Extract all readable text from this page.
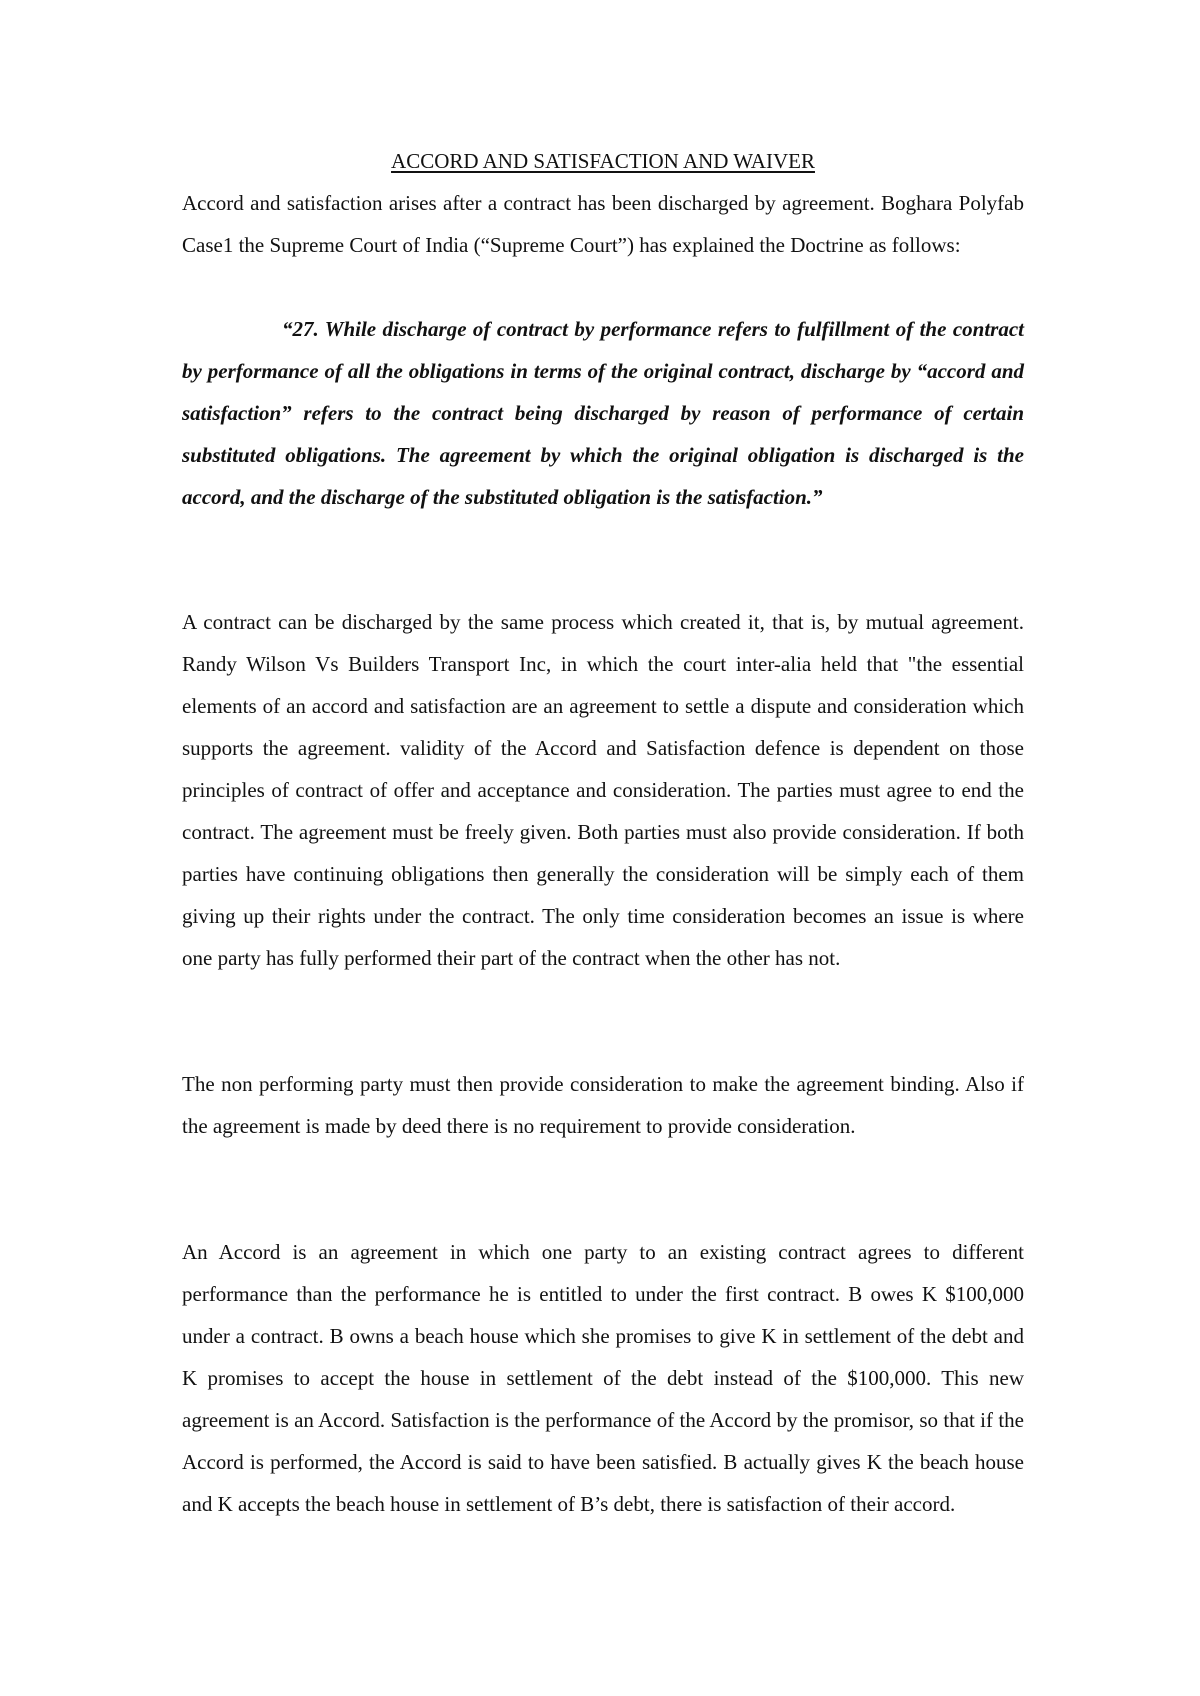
ACCORD AND SATISFACTION AND WAIVER

Accord and satisfaction arises after a contract has been discharged by agreement. Boghara Polyfab Case1 the Supreme Court of India (“Supreme Court”) has explained the Doctrine as follows:

“27. While discharge of contract by performance refers to fulfillment of the contract by performance of all the obligations in terms of the original contract, discharge by “accord and satisfaction” refers to the contract being discharged by reason of performance of certain substituted obligations. The agreement by which the original obligation is discharged is the accord, and the discharge of the substituted obligation is the satisfaction.”

A contract can be discharged by the same process which created it, that is, by mutual agreement. Randy Wilson Vs Builders Transport Inc, in which the court inter-alia held that "the essential elements of an accord and satisfaction are an agreement to settle a dispute and consideration which supports the agreement. validity of the Accord and Satisfaction defence is dependent on those principles of contract of offer and acceptance and consideration. The parties must agree to end the contract. The agreement must be freely given. Both parties must also provide consideration. If both parties have continuing obligations then generally the consideration will be simply each of them giving up their rights under the contract. The only time consideration becomes an issue is where one party has fully performed their part of the contract when the other has not.

The non performing party must then provide consideration to make the agreement binding. Also if the agreement is made by deed there is no requirement to provide consideration.

An Accord is an agreement in which one party to an existing contract agrees to different performance than the performance he is entitled to under the first contract. B owes K $100,000 under a contract. B owns a beach house which she promises to give K in settlement of the debt and K promises to accept the house in settlement of the debt instead of the $100,000. This new agreement is an Accord. Satisfaction is the performance of the Accord by the promisor, so that if the Accord is performed, the Accord is said to have been satisfied. B actually gives K the beach house and K accepts the beach house in settlement of B’s debt, there is satisfaction of their accord.
